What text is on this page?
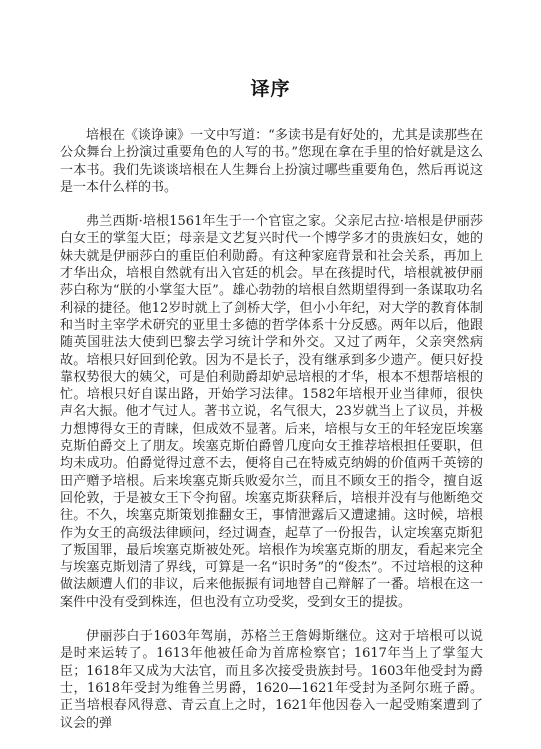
译序

培根在《谈诤谏》一文中写道：“多读书是有好处的，尤其是读那些在公众舞台上扮演过重要角色的人写的书。”您现在拿在手里的恰好就是这么一本书。我们先谈谈培根在人生舞台上扮演过哪些重要角色，然后再说这是一本什么样的书。

弗兰西斯·培根1561年生于一个官宦之家。父亲尼古拉·培根是伊丽莎白女王的掌玺大臣；母亲是文艺复兴时代一个博学多才的贵族妇女，她的妹夫就是伊丽莎白的重臣伯利勋爵。有这种家庭背景和社会关系，再加上才华出众，培根自然就有出入官廷的机会。早在孩提时代，培根就被伊丽莎白称为“朕的小掌玺大臣”。雄心勃勃的培根自然期望得到一条谋取功名利禄的捷径。他12岁时就上了剑桥大学，但小小年纪，对大学的教育体制和当时主宰学术研究的亚里士多德的哲学体系十分反感。两年以后，他跟随英国驻法大使到巴黎去学习统计学和外交。又过了两年，父亲突然病故。培根只好回到伦敦。因为不是长子，没有继承到多少遗产。便只好投靠权势很大的姨父，可是伯利勋爵却妒忌培根的才华，根本不想帮培根的忙。培根只好自谋出路，开始学习法律。1582年培根开业当律师，很快声名大振。他才气过人。著书立说，名气很大，23岁就当上了议员，并极力想博得女王的青睐，但成效不显著。后来，培根与女王的年轻宠臣埃塞克斯伯爵交上了朋友。埃塞克斯伯爵曾几度向女王推荐培根担任要职，但均未成功。伯爵觉得过意不去，便将自己在特威克纳姆的价值两千英镑的田产赠予培根。后来埃塞克斯兵败爱尔兰，而且不顾女王的指令，擅自返回伦敦，于是被女王下令拘留。埃塞克斯获释后，培根并没有与他断绝交往。不久，埃塞克斯策划推翻女王，事情泄露后又遭逮捕。这时候，培根作为女王的高级法律顾问，经过调查，起草了一份报告，认定埃塞克斯犯了叛国罪，最后埃塞克斯被处死。培根作为埃塞克斯的朋友，看起来完全与埃塞克斯划清了界线，可算是一名“识时务”的“俊杰”。不过培根的这种做法颇遭人们的非议，后来他振振有词地替自己辩解了一番。培根在这一案件中没有受到株连，但也没有立功受奖，受到女王的提拔。

伊丽莎白于1603年驾崩，苏格兰王詹姆斯继位。这对于培根可以说是时来运转了。1613年他被任命为首席检察官；1617年当上了掌玺大臣；1618年又成为大法官，而且多次接受贵族封号。1603年他受封为爵士，1618年受封为维鲁兰男爵，1620—1621年受封为圣阿尔班子爵。正当培根春风得意、青云直上之时，1621年他因卷入一起受贿案遭到了议会的弹
